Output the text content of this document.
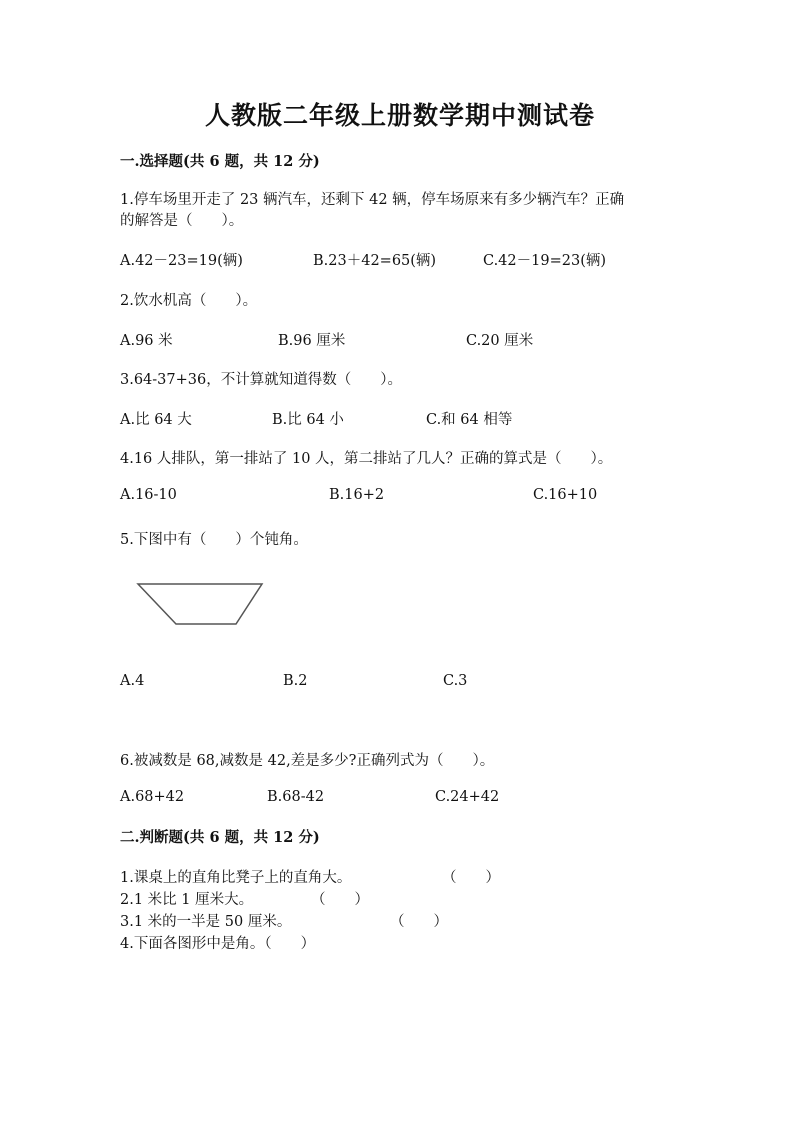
人教版二年级上册数学期中测试卷
一.选择题(共 6 题，共 12 分)
1.停车场里开走了 23 辆汽车，还剩下 42 辆，停车场原来有多少辆汽车？正确
的解答是（　　）。
A.42－23=19(辆)	B.23＋42=65(辆)	C.42－19=23(辆)
2.饮水机高（　　）。
A.96 米	B.96 厘米	C.20 厘米
3.64-37+36，不计算就知道得数（　　）。
A.比 64 大	B.比 64 小	C.和 64 相等
4.16 人排队，第一排站了 10 人，第二排站了几人？正确的算式是（　　）。
A.16-10	B.16+2	C.16+10
5.下图中有（　　）个钝角。
A.4	B.2	C.3
6.被减数是 68,减数是 42,差是多少?正确列式为（　　）。
A.68+42	B.68-42	C.24+42
二.判断题(共 6 题，共 12 分)
1.课桌上的直角比凳子上的直角大。	（　　）
2.1 米比 1 厘米大。	（　　）
3.1 米的一半是 50 厘米。	（　　）
4.下面各图形中是角。（　　）
